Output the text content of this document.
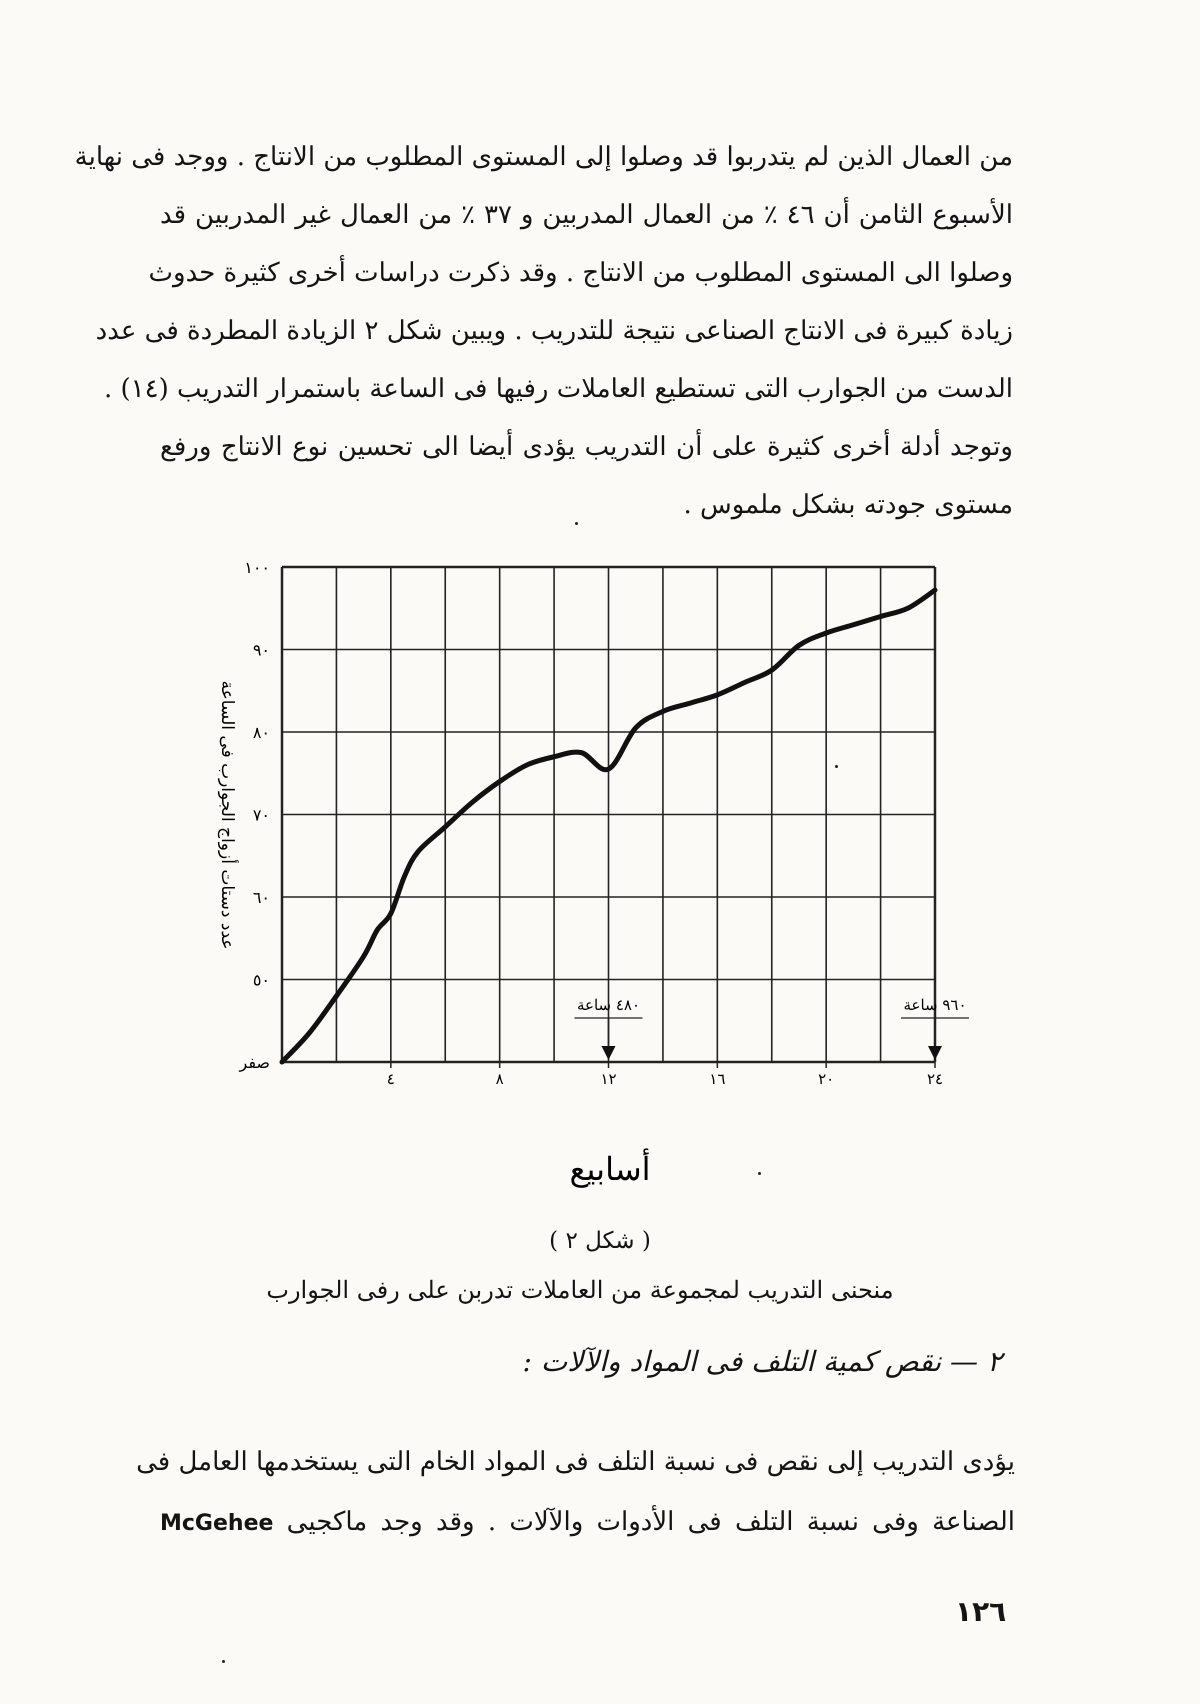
من العمال الذين لم يتدربوا قد وصلوا إلى المستوى المطلوب من الانتاج . ووجد فى نهاية
الأسبوع الثامن أن ٤٦ ٪ من العمال المدربين و ٣٧ ٪ من العمال غير المدربين قد
وصلوا الى المستوى المطلوب من الانتاج . وقد ذكرت دراسات أخرى كثيرة حدوث
زيادة كبيرة فى الانتاج الصناعى نتيجة للتدريب . ويبين شكل ٢ الزيادة المطردة فى عدد
الدست من الجوارب التى تستطيع العاملات رفيها فى الساعة باستمرار التدريب (١٤) .
وتوجد أدلة أخرى كثيرة على أن التدريب يؤدى أيضا الى تحسين نوع الانتاج ورفع
مستوى جودته بشكل ملموس .
صفر
٥٠
٦٠
٧٠
٨٠
٩٠
١٠٠
٤	٨	١٢	١٦	٢٠	٢٤
٤٨٠ ساعة	٩٦٠ ساعة
عدد دستات أزواج الجوارب فى الساعة
أسابيع
( شكل ٢ )
منحنى التدريب لمجموعة من العاملات تدربن على رفى الجوارب
٢ — نقص كمية التلف فى المواد والآلات :
يؤدى التدريب إلى نقص فى نسبة التلف فى المواد الخام التى يستخدمها العامل فى
الصناعة وفى نسبة التلف فى الأدوات والآلات . وقد وجد ماكجيى McGehee
١٢٦
